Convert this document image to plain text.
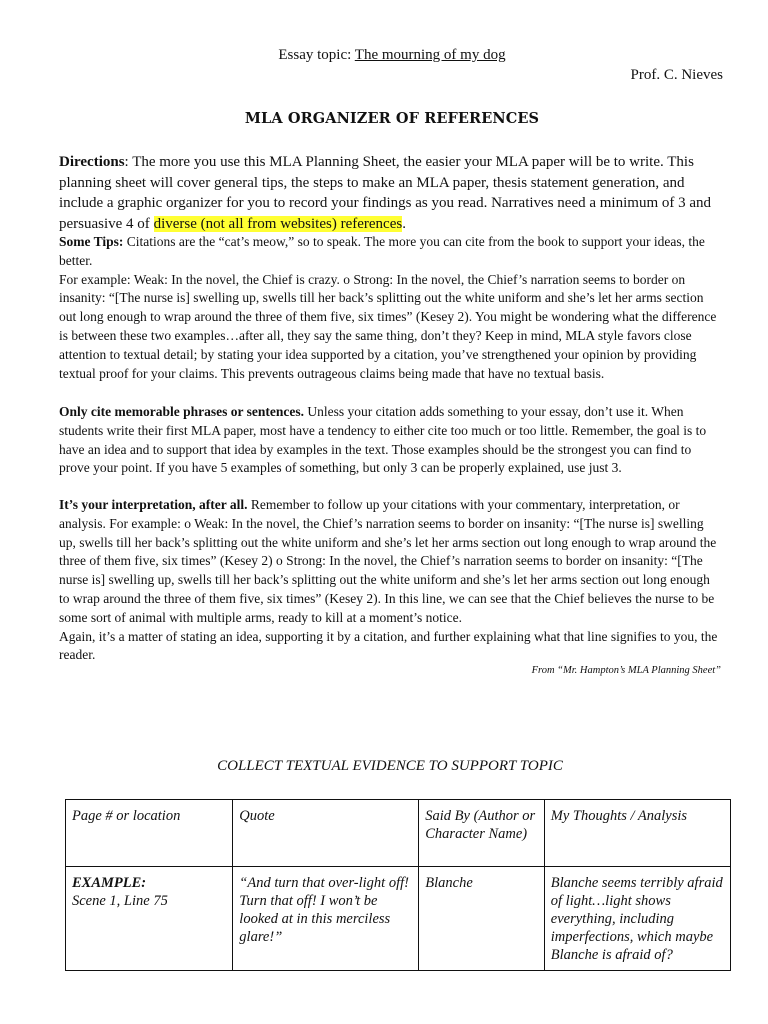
Essay topic: The mourning of my dog
Prof. C. Nieves
MLA ORGANIZER OF REFERENCES
Directions: The more you use this MLA Planning Sheet, the easier your MLA paper will be to write. This planning sheet will cover general tips, the steps to make an MLA paper, thesis statement generation, and include a graphic organizer for you to record your findings as you read. Narratives need a minimum of 3 and persuasive 4 of diverse (not all from websites) references.
Some Tips: Citations are the “cat’s meow,” so to speak. The more you can cite from the book to support your ideas, the better.
For example: Weak: In the novel, the Chief is crazy. o Strong: In the novel, the Chief’s narration seems to border on insanity: “[The nurse is] swelling up, swells till her back’s splitting out the white uniform and she’s let her arms section out long enough to wrap around the three of them five, six times” (Kesey 2). You might be wondering what the difference is between these two examples…after all, they say the same thing, don’t they? Keep in mind, MLA style favors close attention to textual detail; by stating your idea supported by a citation, you’ve strengthened your opinion by providing textual proof for your claims. This prevents outrageous claims being made that have no textual basis.
Only cite memorable phrases or sentences. Unless your citation adds something to your essay, don’t use it. When students write their first MLA paper, most have a tendency to either cite too much or too little. Remember, the goal is to have an idea and to support that idea by examples in the text. Those examples should be the strongest you can find to prove your point. If you have 5 examples of something, but only 3 can be properly explained, use just 3.
It’s your interpretation, after all. Remember to follow up your citations with your commentary, interpretation, or analysis. For example: o Weak: In the novel, the Chief’s narration seems to border on insanity: “[The nurse is] swelling up, swells till her back’s splitting out the white uniform and she’s let her arms section out long enough to wrap around the three of them five, six times” (Kesey 2) o Strong: In the novel, the Chief’s narration seems to border on insanity: “[The nurse is] swelling up, swells till her back’s splitting out the white uniform and she’s let her arms section out long enough to wrap around the three of them five, six times” (Kesey 2). In this line, we can see that the Chief believes the nurse to be some sort of animal with multiple arms, ready to kill at a moment’s notice.
Again, it’s a matter of stating an idea, supporting it by a citation, and further explaining what that line signifies to you, the reader.
From “Mr. Hampton’s MLA Planning Sheet”
COLLECT TEXTUAL EVIDENCE TO SUPPORT TOPIC
Page # or location	Quote	Said By (Author or Character Name)	My Thoughts / Analysis
EXAMPLE:
Scene 1, Line 75	“And turn that over-light off! Turn that off! I won’t be looked at in this merciless glare!”	Blanche	Blanche seems terribly afraid of light…light shows everything, including imperfections, which maybe Blanche is afraid of?
